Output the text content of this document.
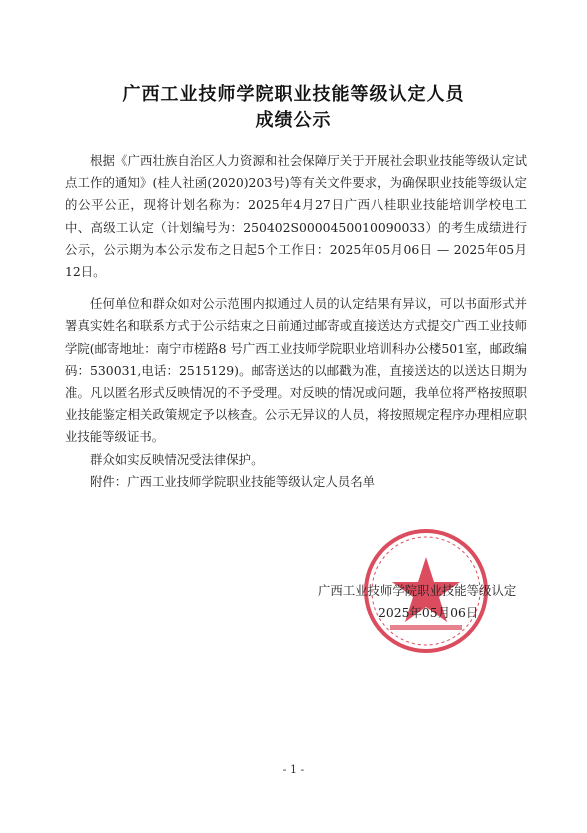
广西工业技师学院职业技能等级认定人员
成绩公示

根据《广西壮族自治区人力资源和社会保障厅关于开展社会职业技能等级认定试点工作的通知》(桂人社函(2020)203号)等有关文件要求，为确保职业技能等级认定的公平公正，现将计划名称为：2025年4月27日广西八桂职业技能培训学校电工中、高级工认定（计划编号为：250402S0000450010090033）的考生成绩进行公示，公示期为本公示发布之日起5个工作日：2025年05月06日 — 2025年05月12日。

任何单位和群众如对公示范围内拟通过人员的认定结果有异议，可以书面形式并署真实姓名和联系方式于公示结束之日前通过邮寄或直接送达方式提交广西工业技师学院(邮寄地址：南宁市槎路8 号广西工业技师学院职业培训科办公楼501室，邮政编码：530031,电话：2515129)。邮寄送达的以邮戳为准，直接送达的以送达日期为准。凡以匿名形式反映情况的不予受理。对反映的情况或问题，我单位将严格按照职业技能鉴定相关政策规定予以核查。公示无异议的人员，将按照规定程序办理相应职业技能等级证书。

群众如实反映情况受法律保护。

附件：广西工业技师学院职业技能等级认定人员名单

广西工业技师学院职业技能等级认定
2025年05月06日
- 1 -
